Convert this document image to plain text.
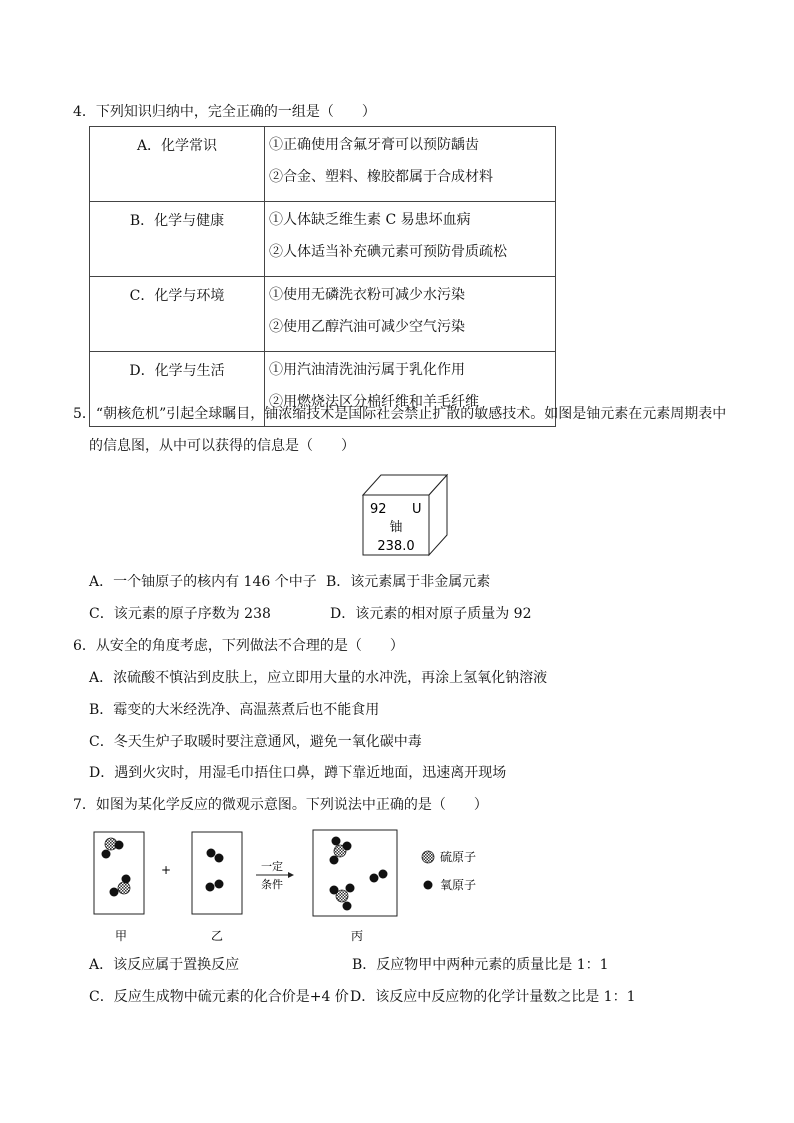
4．下列知识归纳中，完全正确的一组是（　　）
A．化学常识	①正确使用含氟牙膏可以预防龋齿
②合金、塑料、橡胶都属于合成材料

B．化学与健康	①人体缺乏维生素 C 易患坏血病
②人体适当补充碘元素可预防骨质疏松

C．化学与环境	①使用无磷洗衣粉可减少水污染
②使用乙醇汽油可减少空气污染

D．化学与生活	①用汽油清洗油污属于乳化作用
②用燃烧法区分棉纤维和羊毛纤维
5．“朝核危机”引起全球瞩目，铀浓缩技术是国际社会禁止扩散的敏感技术。如图是铀元素在元素周期表中
的信息图，从中可以获得的信息是（　　）
92 U
铀
238.0
A．一个铀原子的核内有 146 个中子 B．该元素属于非金属元素
C．该元素的原子序数为 238	D．该元素的相对原子质量为 92
6．从安全的角度考虑，下列做法不合理的是（　　）
A．浓硫酸不慎沾到皮肤上，应立即用大量的水冲洗，再涂上氢氧化钠溶液
B．霉变的大米经洗净、高温蒸煮后也不能食用
C．冬天生炉子取暖时要注意通风，避免一氧化碳中毒
D．遇到火灾时，用湿毛巾捂住口鼻，蹲下靠近地面，迅速离开现场
7．如图为某化学反应的微观示意图。下列说法中正确的是（　　）
+	一定
条件
硫原子
氧原子
甲	乙	丙
A．该反应属于置换反应	B．反应物甲中两种元素的质量比是 1：1
C．反应生成物中硫元素的化合价是+4 价 D．该反应中反应物的化学计量数之比是 1：1
